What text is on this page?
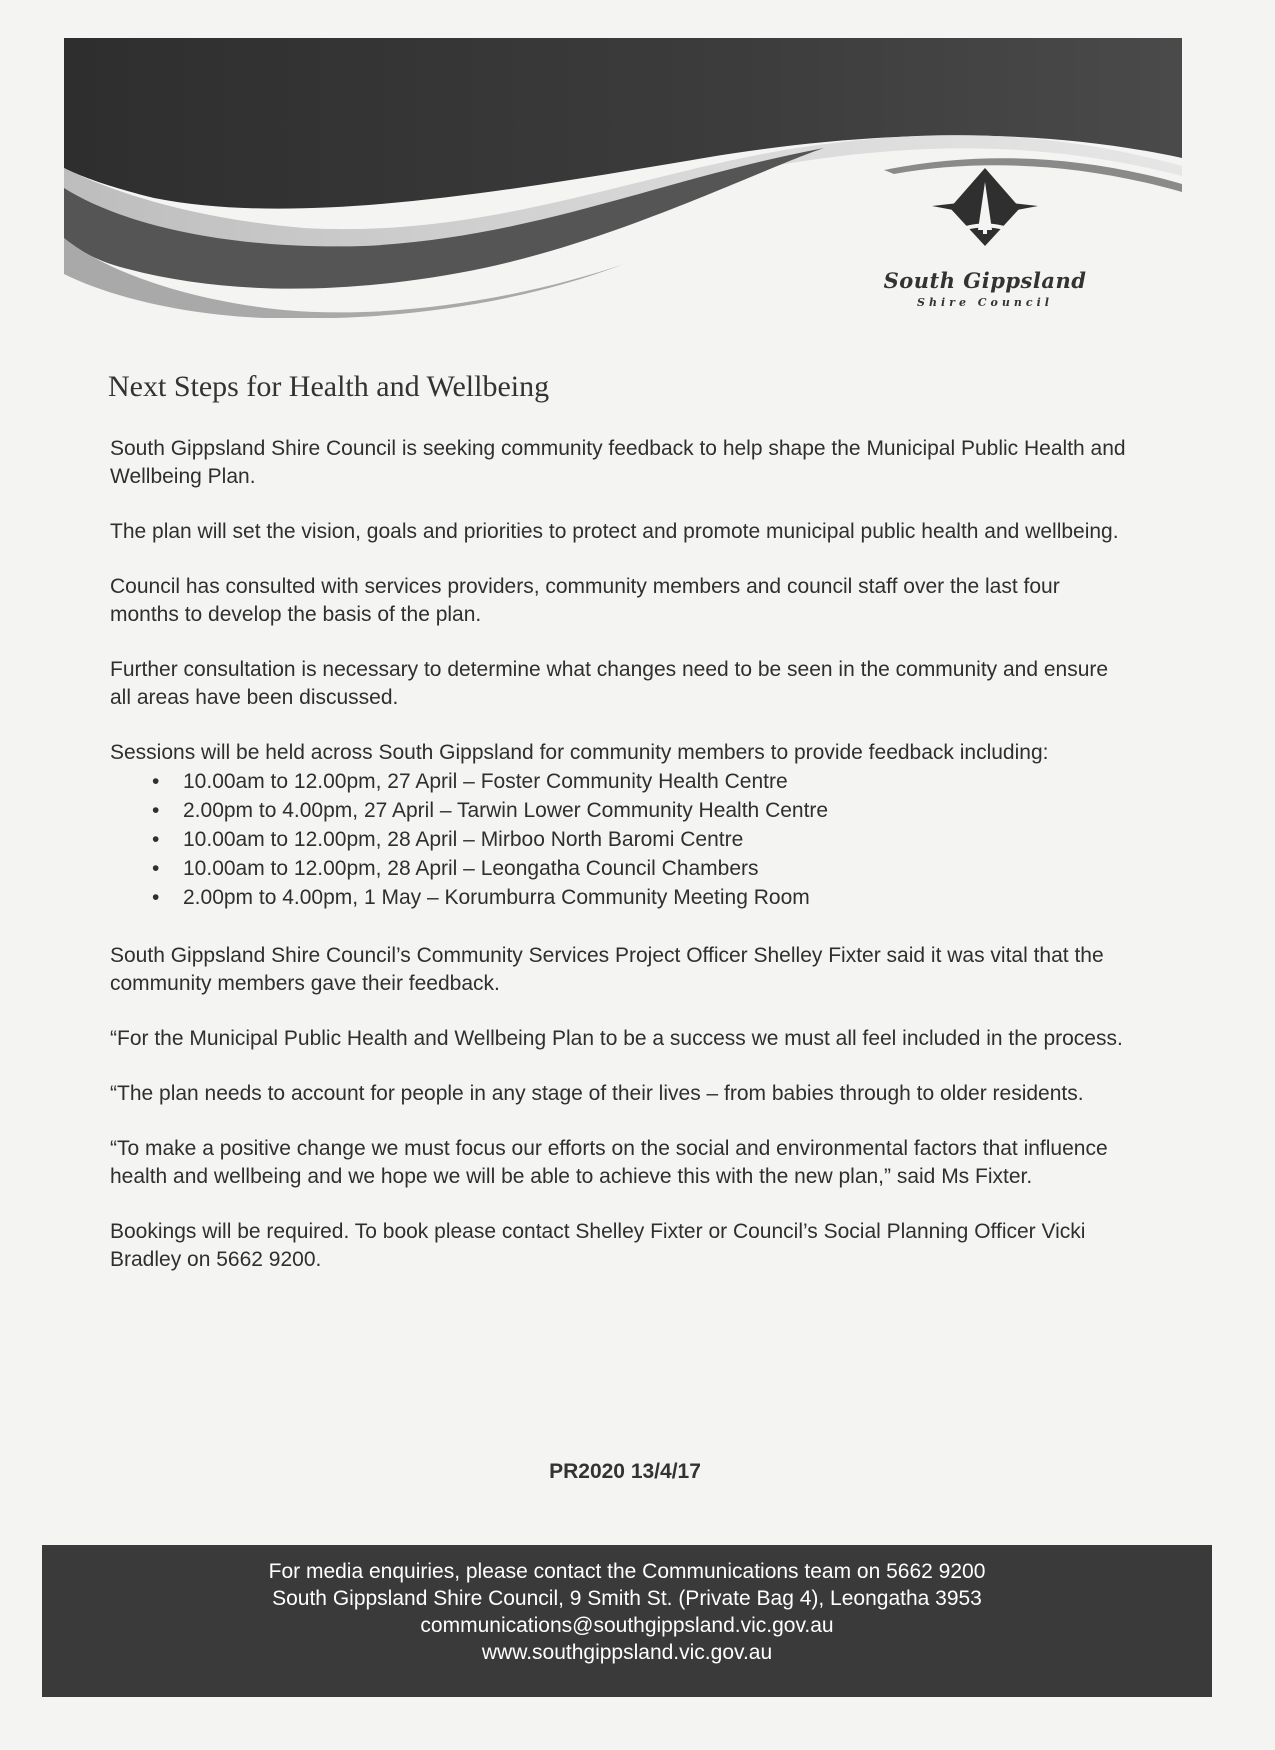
South Gippsland
Shire Council
Next Steps for Health and Wellbeing

South Gippsland Shire Council is seeking community feedback to help shape the Municipal Public Health and Wellbeing Plan.

The plan will set the vision, goals and priorities to protect and promote municipal public health and wellbeing.

Council has consulted with services providers, community members and council staff over the last four months to develop the basis of the plan.

Further consultation is necessary to determine what changes need to be seen in the community and ensure all areas have been discussed.

Sessions will be held across South Gippsland for community members to provide feedback including:

• 10.00am to 12.00pm, 27 April – Foster Community Health Centre
• 2.00pm to 4.00pm, 27 April – Tarwin Lower Community Health Centre
• 10.00am to 12.00pm, 28 April – Mirboo North Baromi Centre
• 10.00am to 12.00pm, 28 April – Leongatha Council Chambers
• 2.00pm to 4.00pm, 1 May – Korumburra Community Meeting Room

South Gippsland Shire Council’s Community Services Project Officer Shelley Fixter said it was vital that the community members gave their feedback.

“For the Municipal Public Health and Wellbeing Plan to be a success we must all feel included in the process.

“The plan needs to account for people in any stage of their lives – from babies through to older residents.

“To make a positive change we must focus our efforts on the social and environmental factors that influence health and wellbeing and we hope we will be able to achieve this with the new plan,” said Ms Fixter.

Bookings will be required. To book please contact Shelley Fixter or Council’s Social Planning Officer Vicki Bradley on 5662 9200.

PR2020 13/4/17
For media enquiries, please contact the Communications team on 5662 9200
South Gippsland Shire Council, 9 Smith St. (Private Bag 4), Leongatha 3953
communications@southgippsland.vic.gov.au
www.southgippsland.vic.gov.au
